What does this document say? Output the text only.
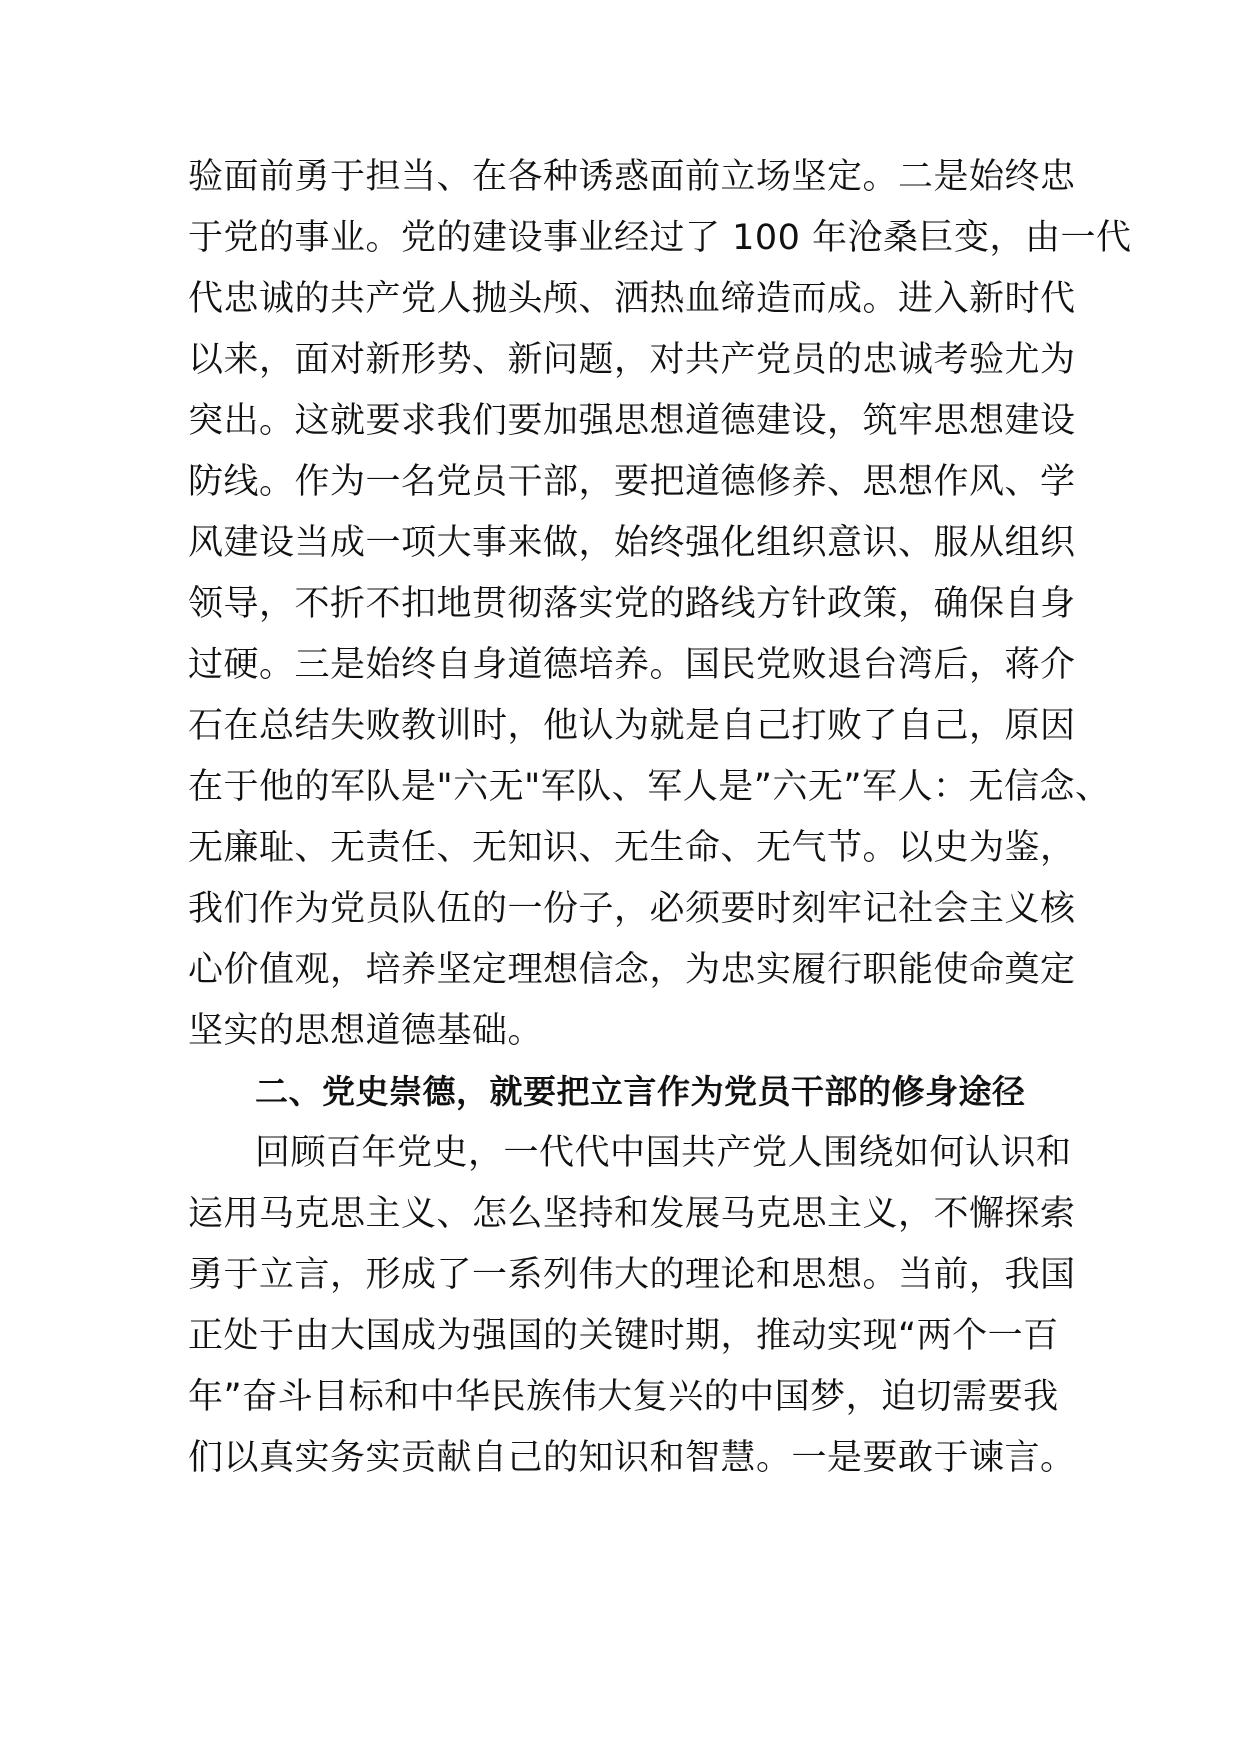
验面前勇于担当、在各种诱惑面前立场坚定。二是始终忠
于党的事业。党的建设事业经过了 100 年沧桑巨变，由一代
代忠诚的共产党人抛头颅、洒热血缔造而成。进入新时代
以来，面对新形势、新问题，对共产党员的忠诚考验尤为
突出。这就要求我们要加强思想道德建设，筑牢思想建设
防线。作为一名党员干部，要把道德修养、思想作风、学
风建设当成一项大事来做，始终强化组织意识、服从组织
领导，不折不扣地贯彻落实党的路线方针政策，确保自身
过硬。三是始终自身道德培养。国民党败退台湾后，蒋介
石在总结失败教训时，他认为就是自己打败了自己，原因
在于他的军队是"六无"军队、军人是”六无”军人：无信念、
无廉耻、无责任、无知识、无生命、无气节。以史为鉴，
我们作为党员队伍的一份子，必须要时刻牢记社会主义核
心价值观，培养坚定理想信念，为忠实履行职能使命奠定
坚实的思想道德基础。
二、党史崇德，就要把立言作为党员干部的修身途径
回顾百年党史，一代代中国共产党人围绕如何认识和
运用马克思主义、怎么坚持和发展马克思主义，不懈探索
勇于立言，形成了一系列伟大的理论和思想。当前，我国
正处于由大国成为强国的关键时期，推动实现“两个一百
年”奋斗目标和中华民族伟大复兴的中国梦，迫切需要我
们以真实务实贡献自己的知识和智慧。一是要敢于谏言。
